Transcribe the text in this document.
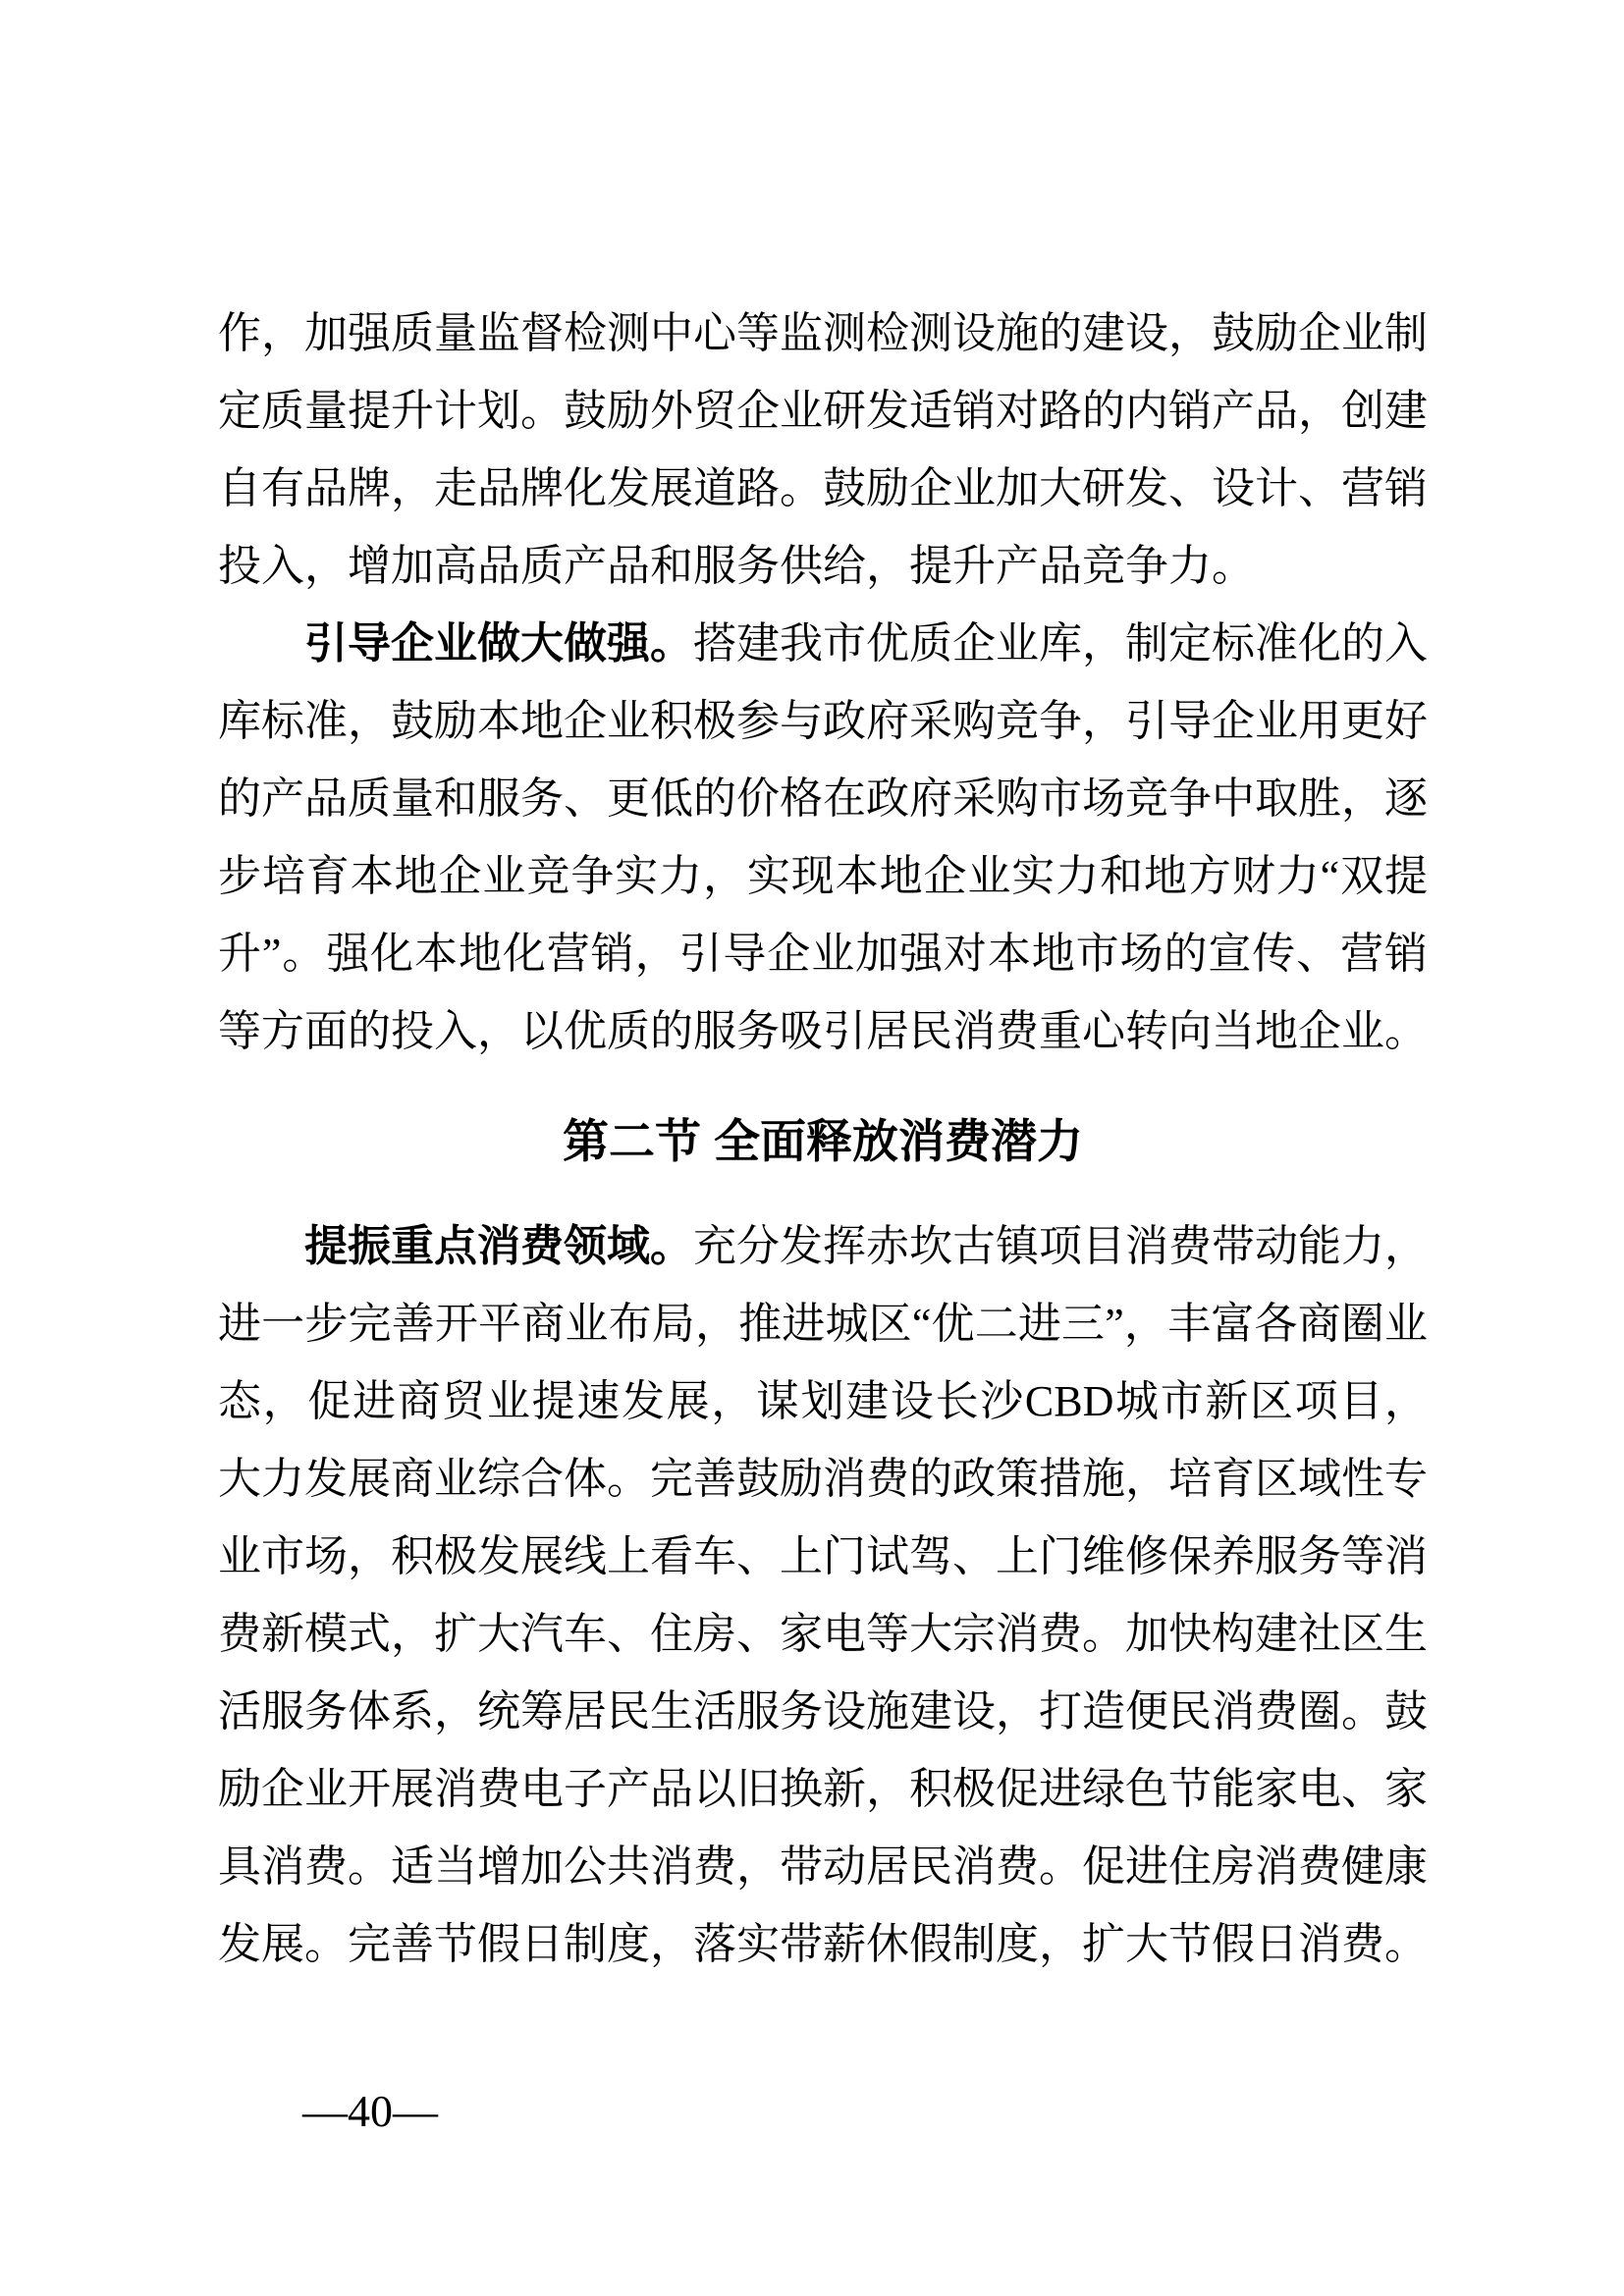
作，加强质量监督检测中心等监测检测设施的建设，鼓励企业制定质量提升计划。鼓励外贸企业研发适销对路的内销产品，创建自有品牌，走品牌化发展道路。鼓励企业加大研发、设计、营销投入，增加高品质产品和服务供给，提升产品竞争力。

引导企业做大做强。搭建我市优质企业库，制定标准化的入库标准，鼓励本地企业积极参与政府采购竞争，引导企业用更好的产品质量和服务、更低的价格在政府采购市场竞争中取胜，逐步培育本地企业竞争实力，实现本地企业实力和地方财力“双提升”。强化本地化营销，引导企业加强对本地市场的宣传、营销等方面的投入，以优质的服务吸引居民消费重心转向当地企业。

第二节 全面释放消费潜力

提振重点消费领域。充分发挥赤坎古镇项目消费带动能力，进一步完善开平商业布局，推进城区“优二进三”，丰富各商圈业态，促进商贸业提速发展，谋划建设长沙CBD城市新区项目，大力发展商业综合体。完善鼓励消费的政策措施，培育区域性专业市场，积极发展线上看车、上门试驾、上门维修保养服务等消费新模式，扩大汽车、住房、家电等大宗消费。加快构建社区生活服务体系，统筹居民生活服务设施建设，打造便民消费圈。鼓励企业开展消费电子产品以旧换新，积极促进绿色节能家电、家具消费。适当增加公共消费，带动居民消费。促进住房消费健康发展。完善节假日制度，落实带薪休假制度，扩大节假日消费。

—40—
